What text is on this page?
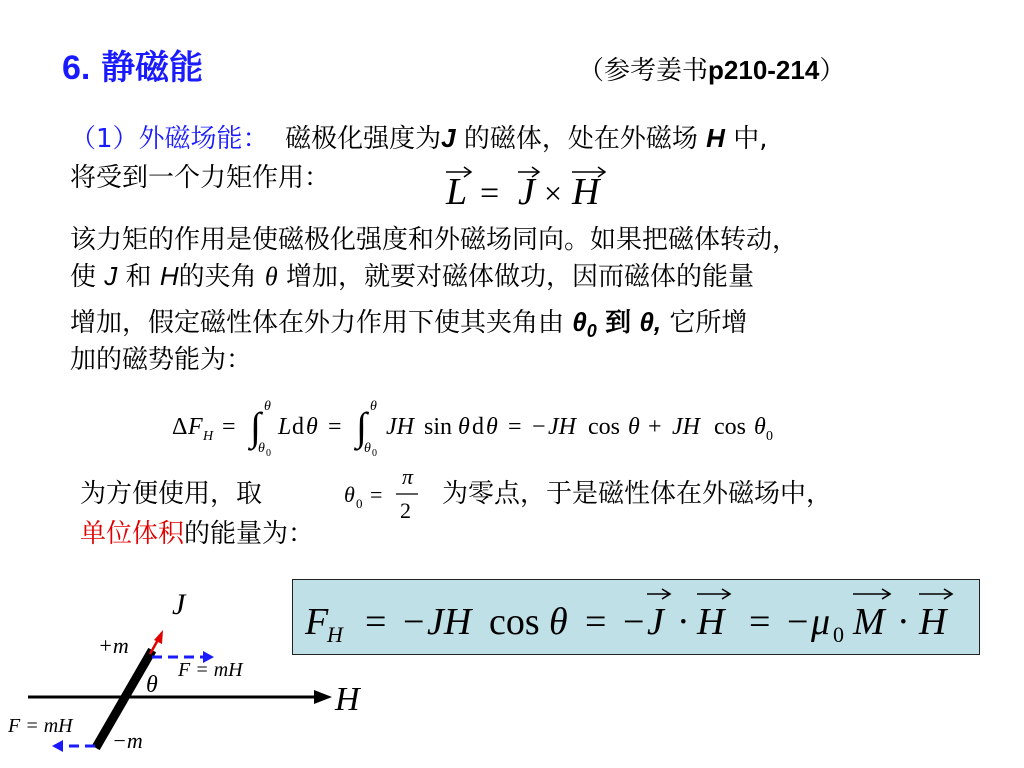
6. 静磁能	（参考姜书p210-214）
（1）外磁场能： 磁极化强度为J 的磁体，处在外磁场 H 中,
将受到一个力矩作用：	L = J × H
该力矩的作用是使磁极化强度和外磁场同向。如果把磁体转动，
使 J 和 H的夹角 θ 增加，就要对磁体做功，因而磁体的能量
增加，假定磁性体在外力作用下使其夹角由 $\theta_0$ 到 θ, 它所增
加的磁势能为：
Δ F H = ∫ θ
θ 0
L d θ = ∫ θ
θ 0
JH sin θ d θ = − JH cos θ + JH cos θ 0
为方便使用，取	θ 0 =
π
2
为零点，于是磁性体在外磁场中，
单位体积的能量为：
F
H = − JH cos θ = − J · H = − μ 0 M · H
J
H
+m
−m
θ
F = mH
F = mH
